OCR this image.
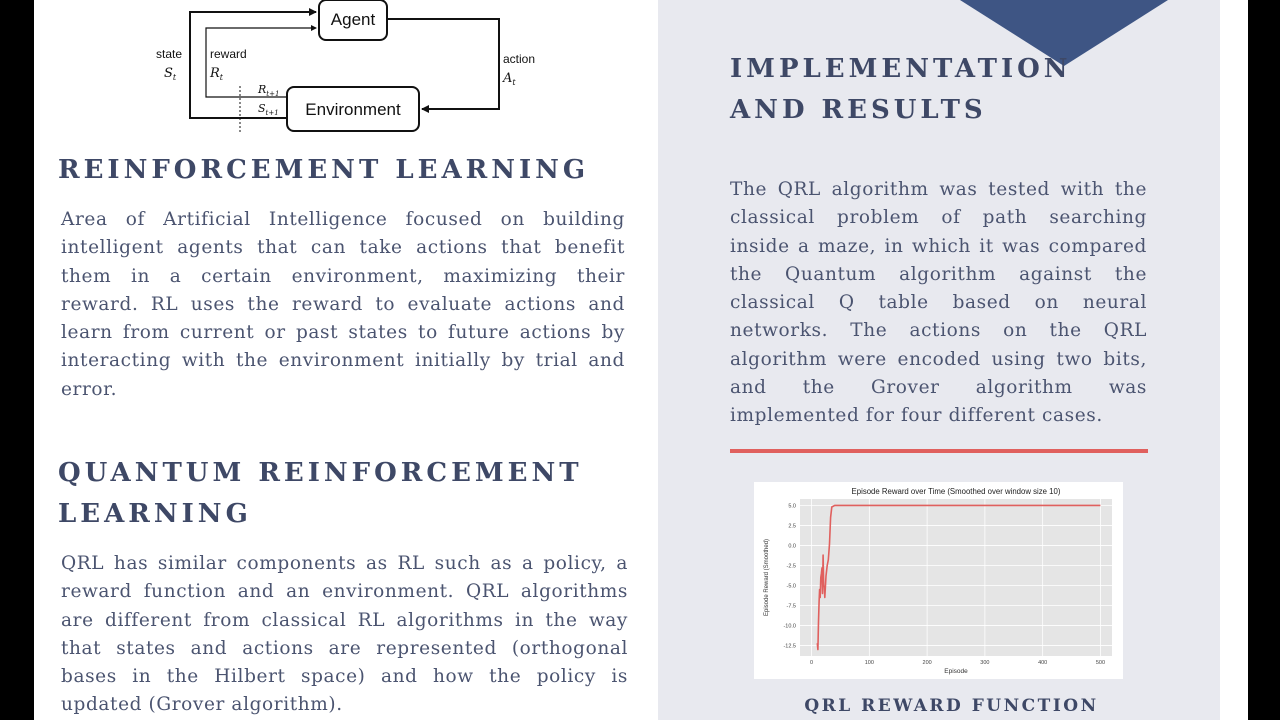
Agent
Environment
state
$S_t$
reward
$R_t$
action
$A_t$
$R_{t+1}$
$S_{t+1}$
REINFORCEMENT LEARNING

Area of Artificial Intelligence focused on building intelligent agents that can take actions that benefit them in a certain environment, maximizing their reward. RL uses the reward to evaluate actions and learn from current or past states to future actions by interacting with the environment initially by trial and error.

QUANTUM REINFORCEMENT
LEARNING

QRL has similar components as RL such as a policy, a reward function and an environment. QRL algorithms are different from classical RL algorithms in the way that states and actions are represented (orthogonal bases in the Hilbert space) and how the policy is updated (Grover algorithm).

IMPLEMENTATION
AND RESULTS

The QRL algorithm was tested with the classical problem of path searching inside a maze, in which it was compared the Quantum algorithm against the classical Q table based on neural networks. The actions on the QRL algorithm were encoded using two bits, and the Grover algorithm was implemented for four different cases.

0	100	200	300	400	500
5.0
2.5
0.0
-2.5
-5.0
-7.5
-10.0
-12.5
Episode Reward over Time (Smoothed over window size 10)
Episode
Episode Reward (Smoothed)
QRL REWARD FUNCTION
